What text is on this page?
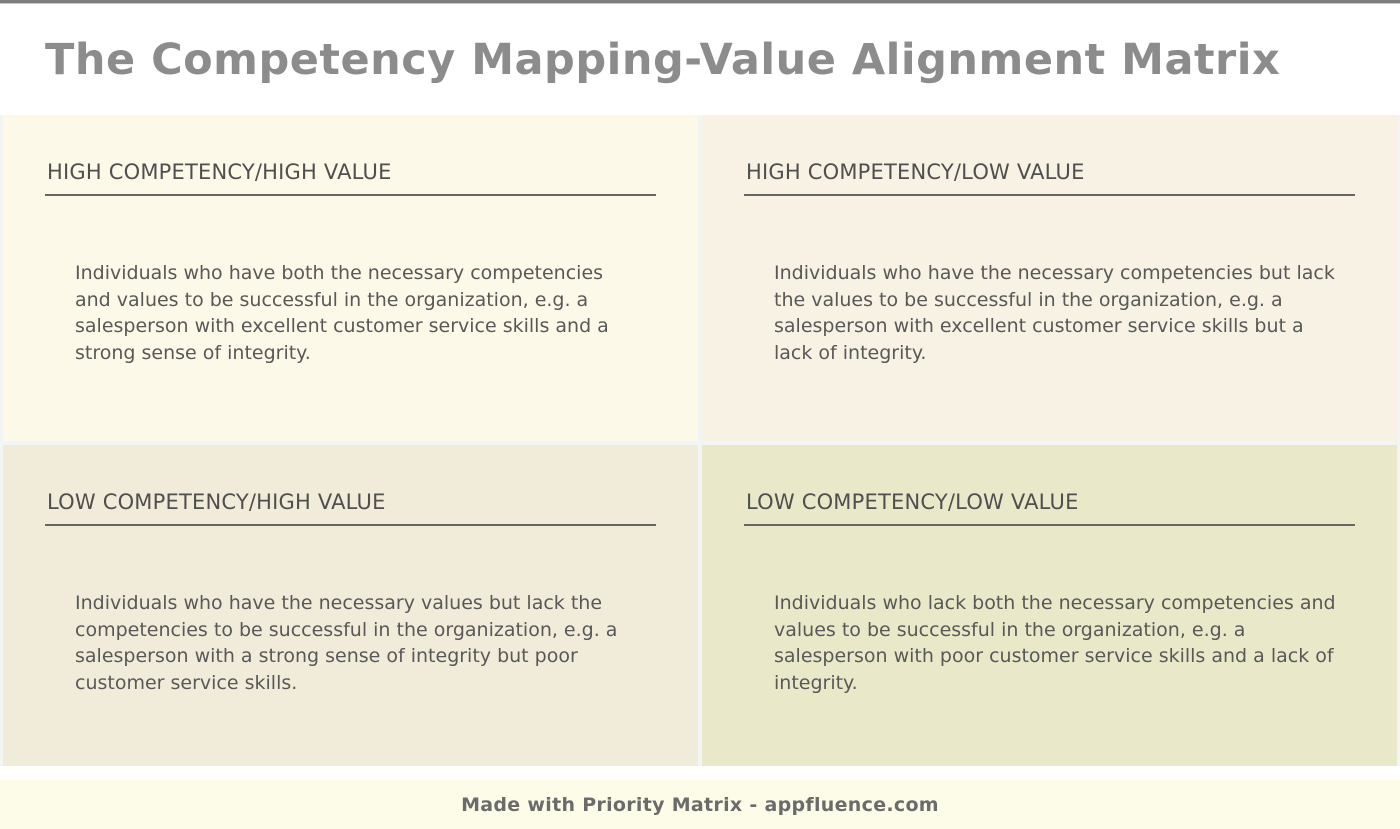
The Competency Mapping-Value Alignment Matrix
HIGH COMPETENCY/HIGH VALUE

Individuals who have both the necessary competencies and values to be successful in the organization, e.g. a salesperson with excellent customer service skills and a strong sense of integrity.

HIGH COMPETENCY/LOW VALUE

Individuals who have the necessary competencies but lack the values to be successful in the organization, e.g. a salesperson with excellent customer service skills but a lack of integrity.

LOW COMPETENCY/HIGH VALUE

Individuals who have the necessary values but lack the competencies to be successful in the organization, e.g. a salesperson with a strong sense of integrity but poor customer service skills.

LOW COMPETENCY/LOW VALUE

Individuals who lack both the necessary competencies and values to be successful in the organization, e.g. a salesperson with poor customer service skills and a lack of integrity.

Made with Priority Matrix - appfluence.com
